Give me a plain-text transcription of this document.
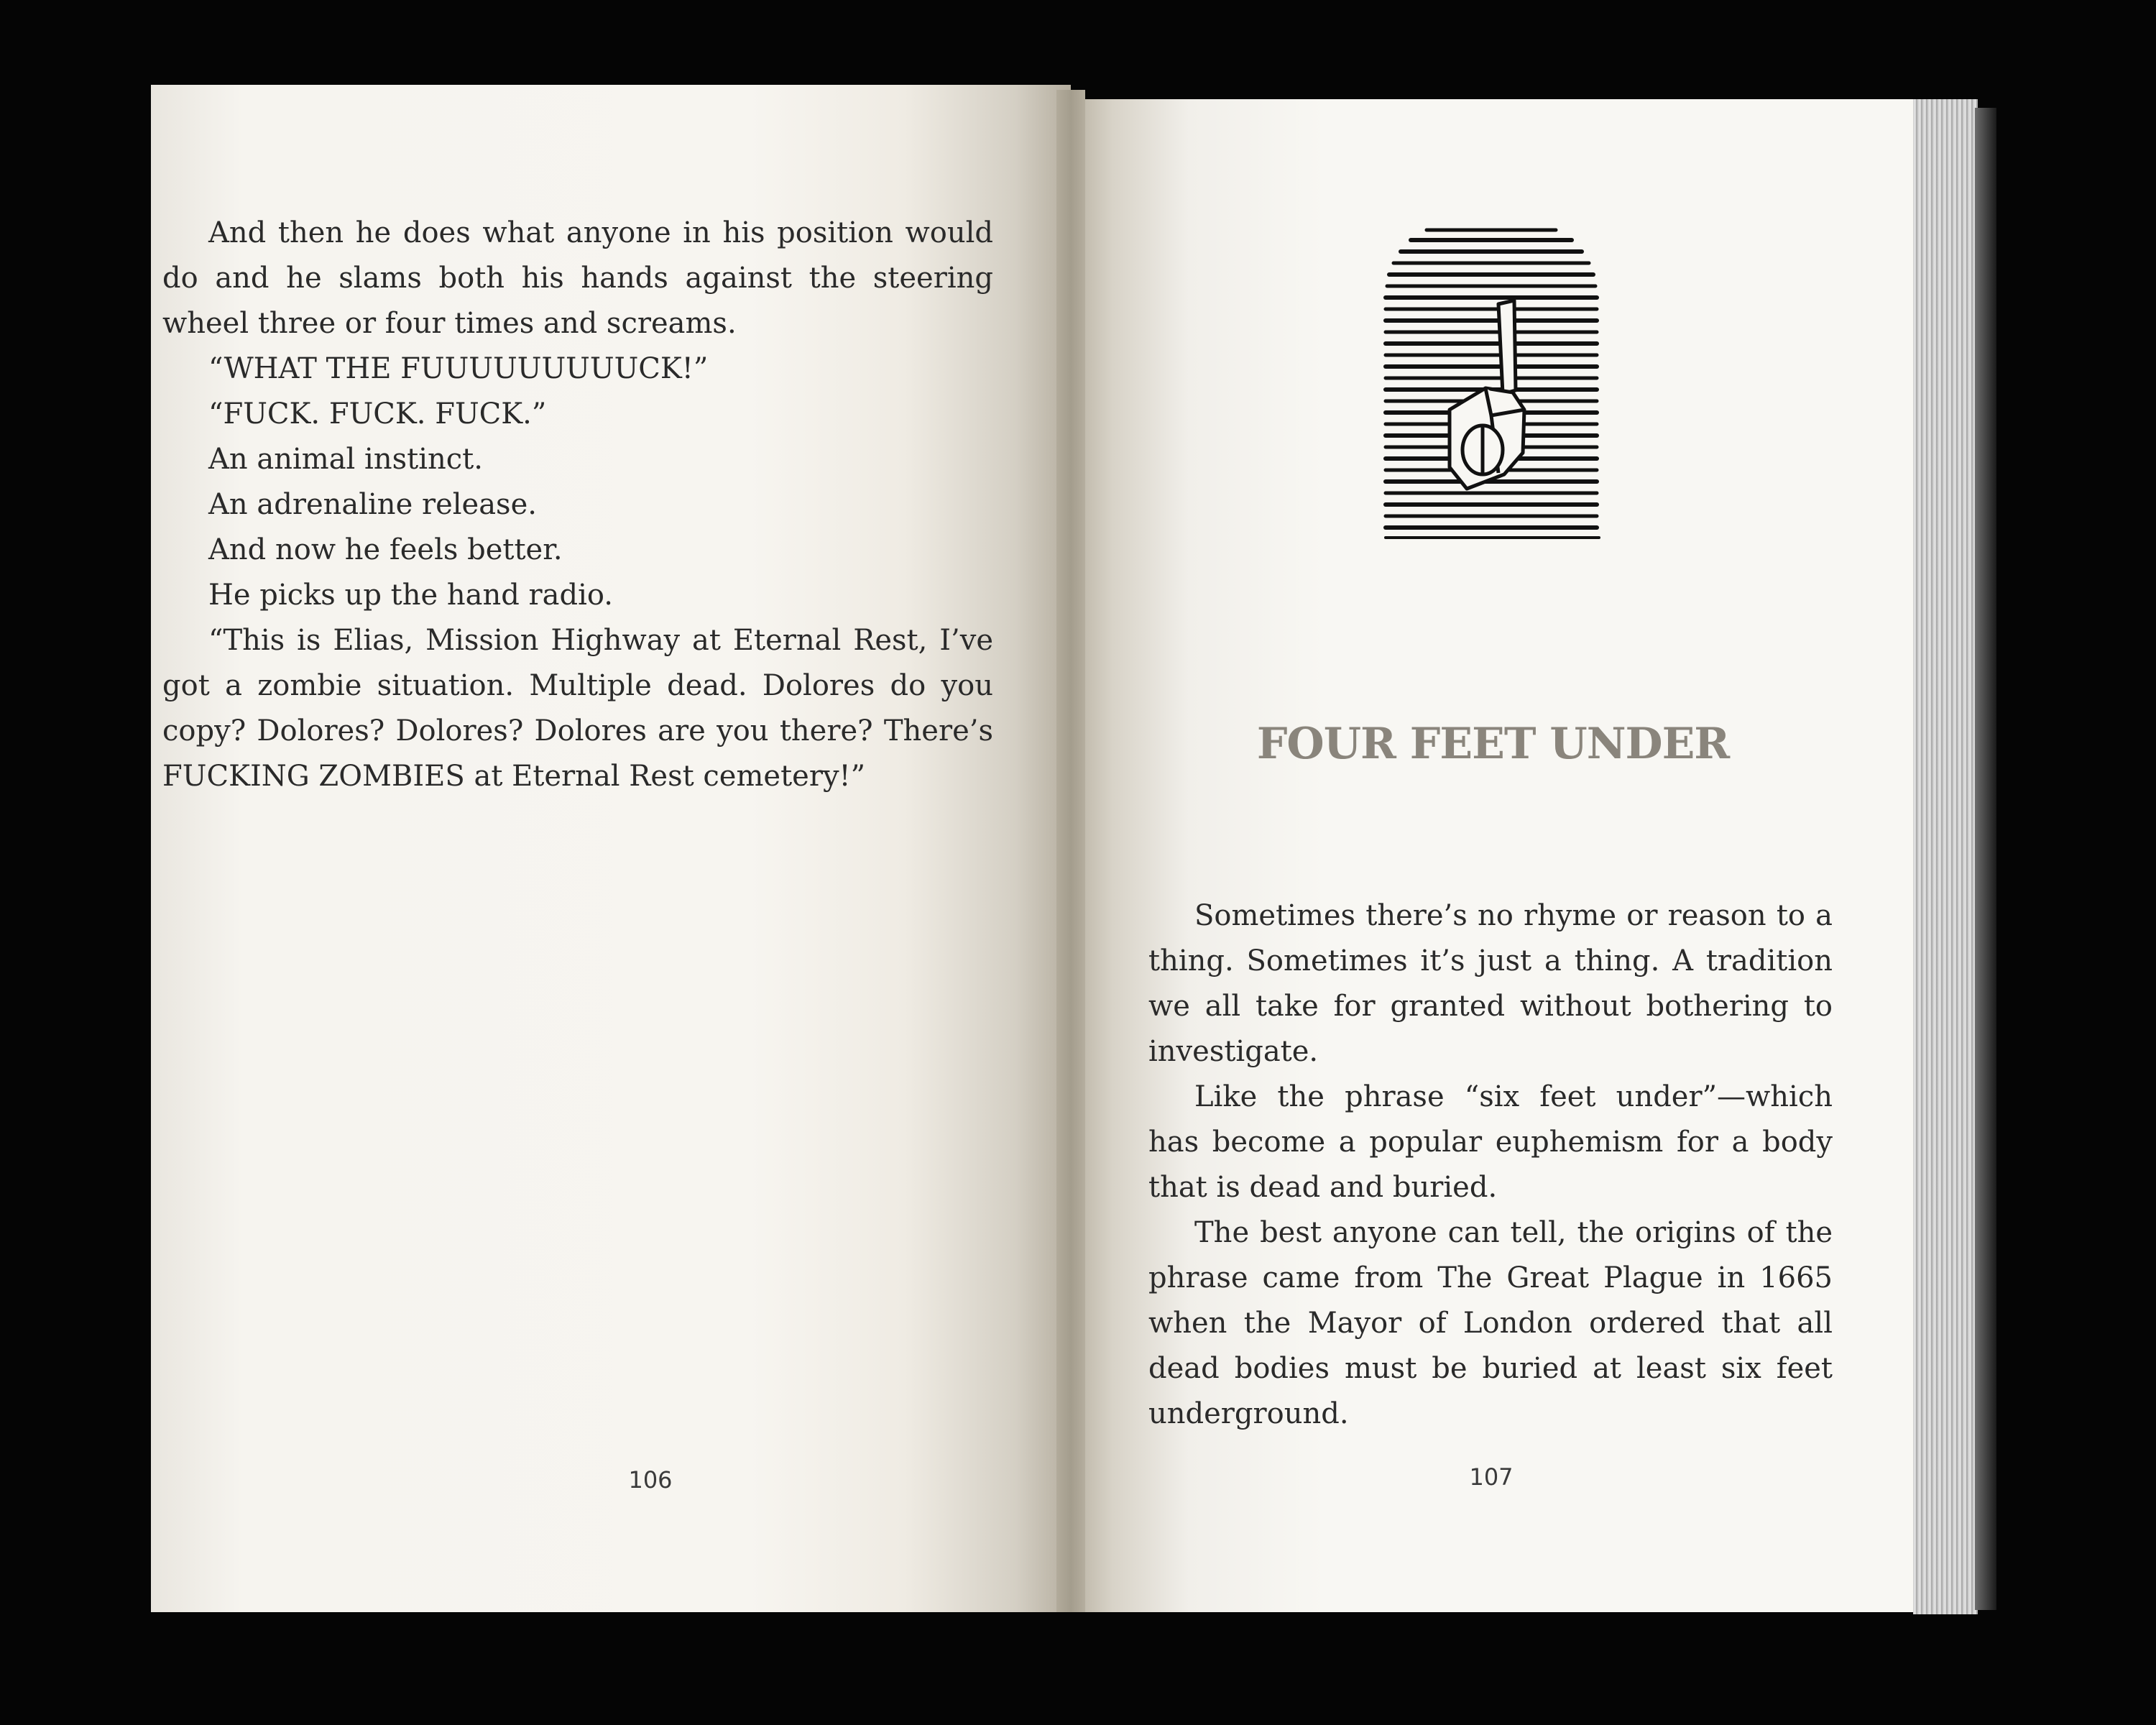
And then he does what anyone in his position would do and he slams both his hands against the steering wheel three or four times and screams.

“WHAT THE FUUUUUUUUUCK!”

“FUCK. FUCK. FUCK.”

An animal instinct.

An adrenaline release.

And now he feels better.

He picks up the hand radio.

“This is Elias, Mission Highway at Eternal Rest, I’ve got a zombie situation. Multiple dead. Dolores do you copy? Dolores? Dolores? Dolores are you there? There’s FUCKING ZOMBIES at Eternal Rest cemetery!”

106
FOUR FEET UNDER

Sometimes there’s no rhyme or reason to a thing. Sometimes it’s just a thing. A tradition we all take for granted without bothering to investigate.

Like the phrase “six feet under”—which has become a popular euphemism for a body that is dead and buried.

The best anyone can tell, the origins of the phrase came from The Great Plague in 1665 when the Mayor of London ordered that all dead bodies must be buried at least six feet underground.

107
